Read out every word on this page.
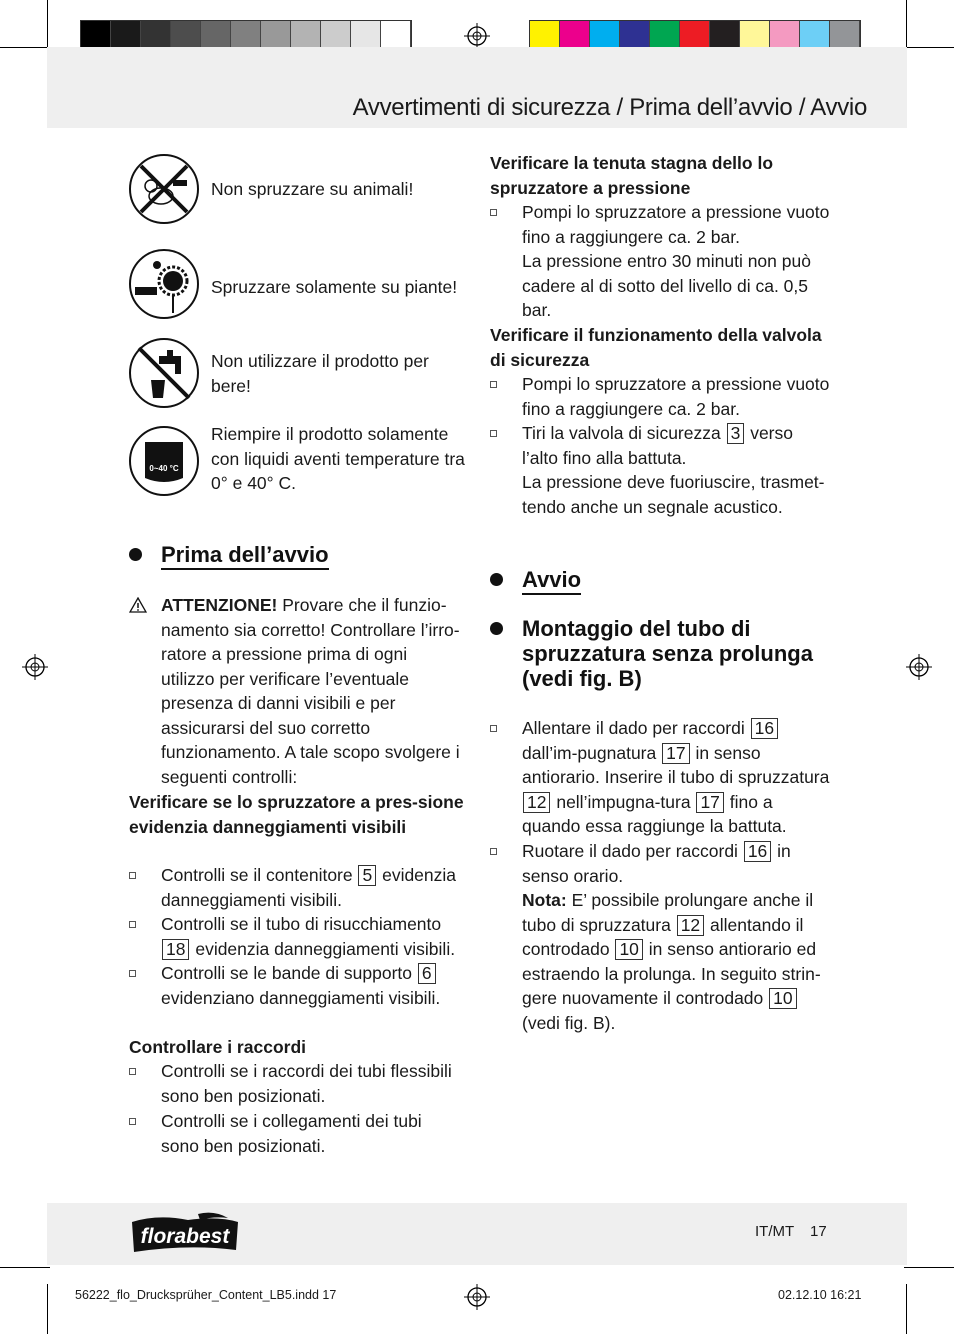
Avvertimenti di sicurezza / Prima dell’avvio / Avvio
Non spruzzare su animali!
Spruzzare solamente su piante!
Non utilizzare il prodotto per bere!
0~40 °C
Riempire il prodotto solamente con liquidi aventi temperature tra 0° e 40° C.
Prima dell’avvio
ATTENZIONE! Provare che il funzio-namento sia corretto! Controllare l’irro-ratore a pressione prima di ogni utilizzo per verificare l’eventuale presenza di danni visibili e per assicurarsi del suo corretto funzionamento. A tale scopo svolgere i seguenti controlli:
Verificare se lo spruzzatore a pres-sione evidenzia danneggiamenti visibili
Controlli se il contenitore 5 evidenzia danneggiamenti visibili.
Controlli se il tubo di risucchiamento 18 evidenzia danneggiamenti visibili.
Controlli se le bande di supporto 6 evidenziano danneggiamenti visibili.
Controllare i raccordi
Controlli se i raccordi dei tubi flessibili sono ben posizionati.
Controlli se i collegamenti dei tubi sono ben posizionati.
Verificare la tenuta stagna dello lo spruzzatore a pressione
Pompi lo spruzzatore a pressione vuoto fino a raggiungere ca. 2 bar.
La pressione entro 30 minuti non può cadere al di sotto del livello di ca. 0,5 bar.
Verificare il funzionamento della valvola di sicurezza
Pompi lo spruzzatore a pressione vuoto fino a raggiungere ca. 2 bar.
Tiri la valvola di sicurezza 3 verso l’alto fino alla battuta.
La pressione deve fuoriuscire, trasmet-tendo anche un segnale acustico.
Avvio
Montaggio del tubo di spruzzatura senza prolunga (vedi fig. B)
Allentare il dado per raccordi 16 dall’im-pugnatura 17 in senso antiorario. Inserire il tubo di spruzzatura 12 nell’impugna-tura 17 fino a quando essa raggiunge la battuta.
Ruotare il dado per raccordi 16 in senso orario.
Nota: E’ possibile prolungare anche il tubo di spruzzatura 12 allentando il controdado 10 in senso antiorario ed estraendo la prolunga. In seguito strin-gere nuovamente il controdado 10 (vedi fig. B).
florabest	IT/MT 17
56222_flo_Drucksprüher_Content_LB5.indd 17	02.12.10 16:21
